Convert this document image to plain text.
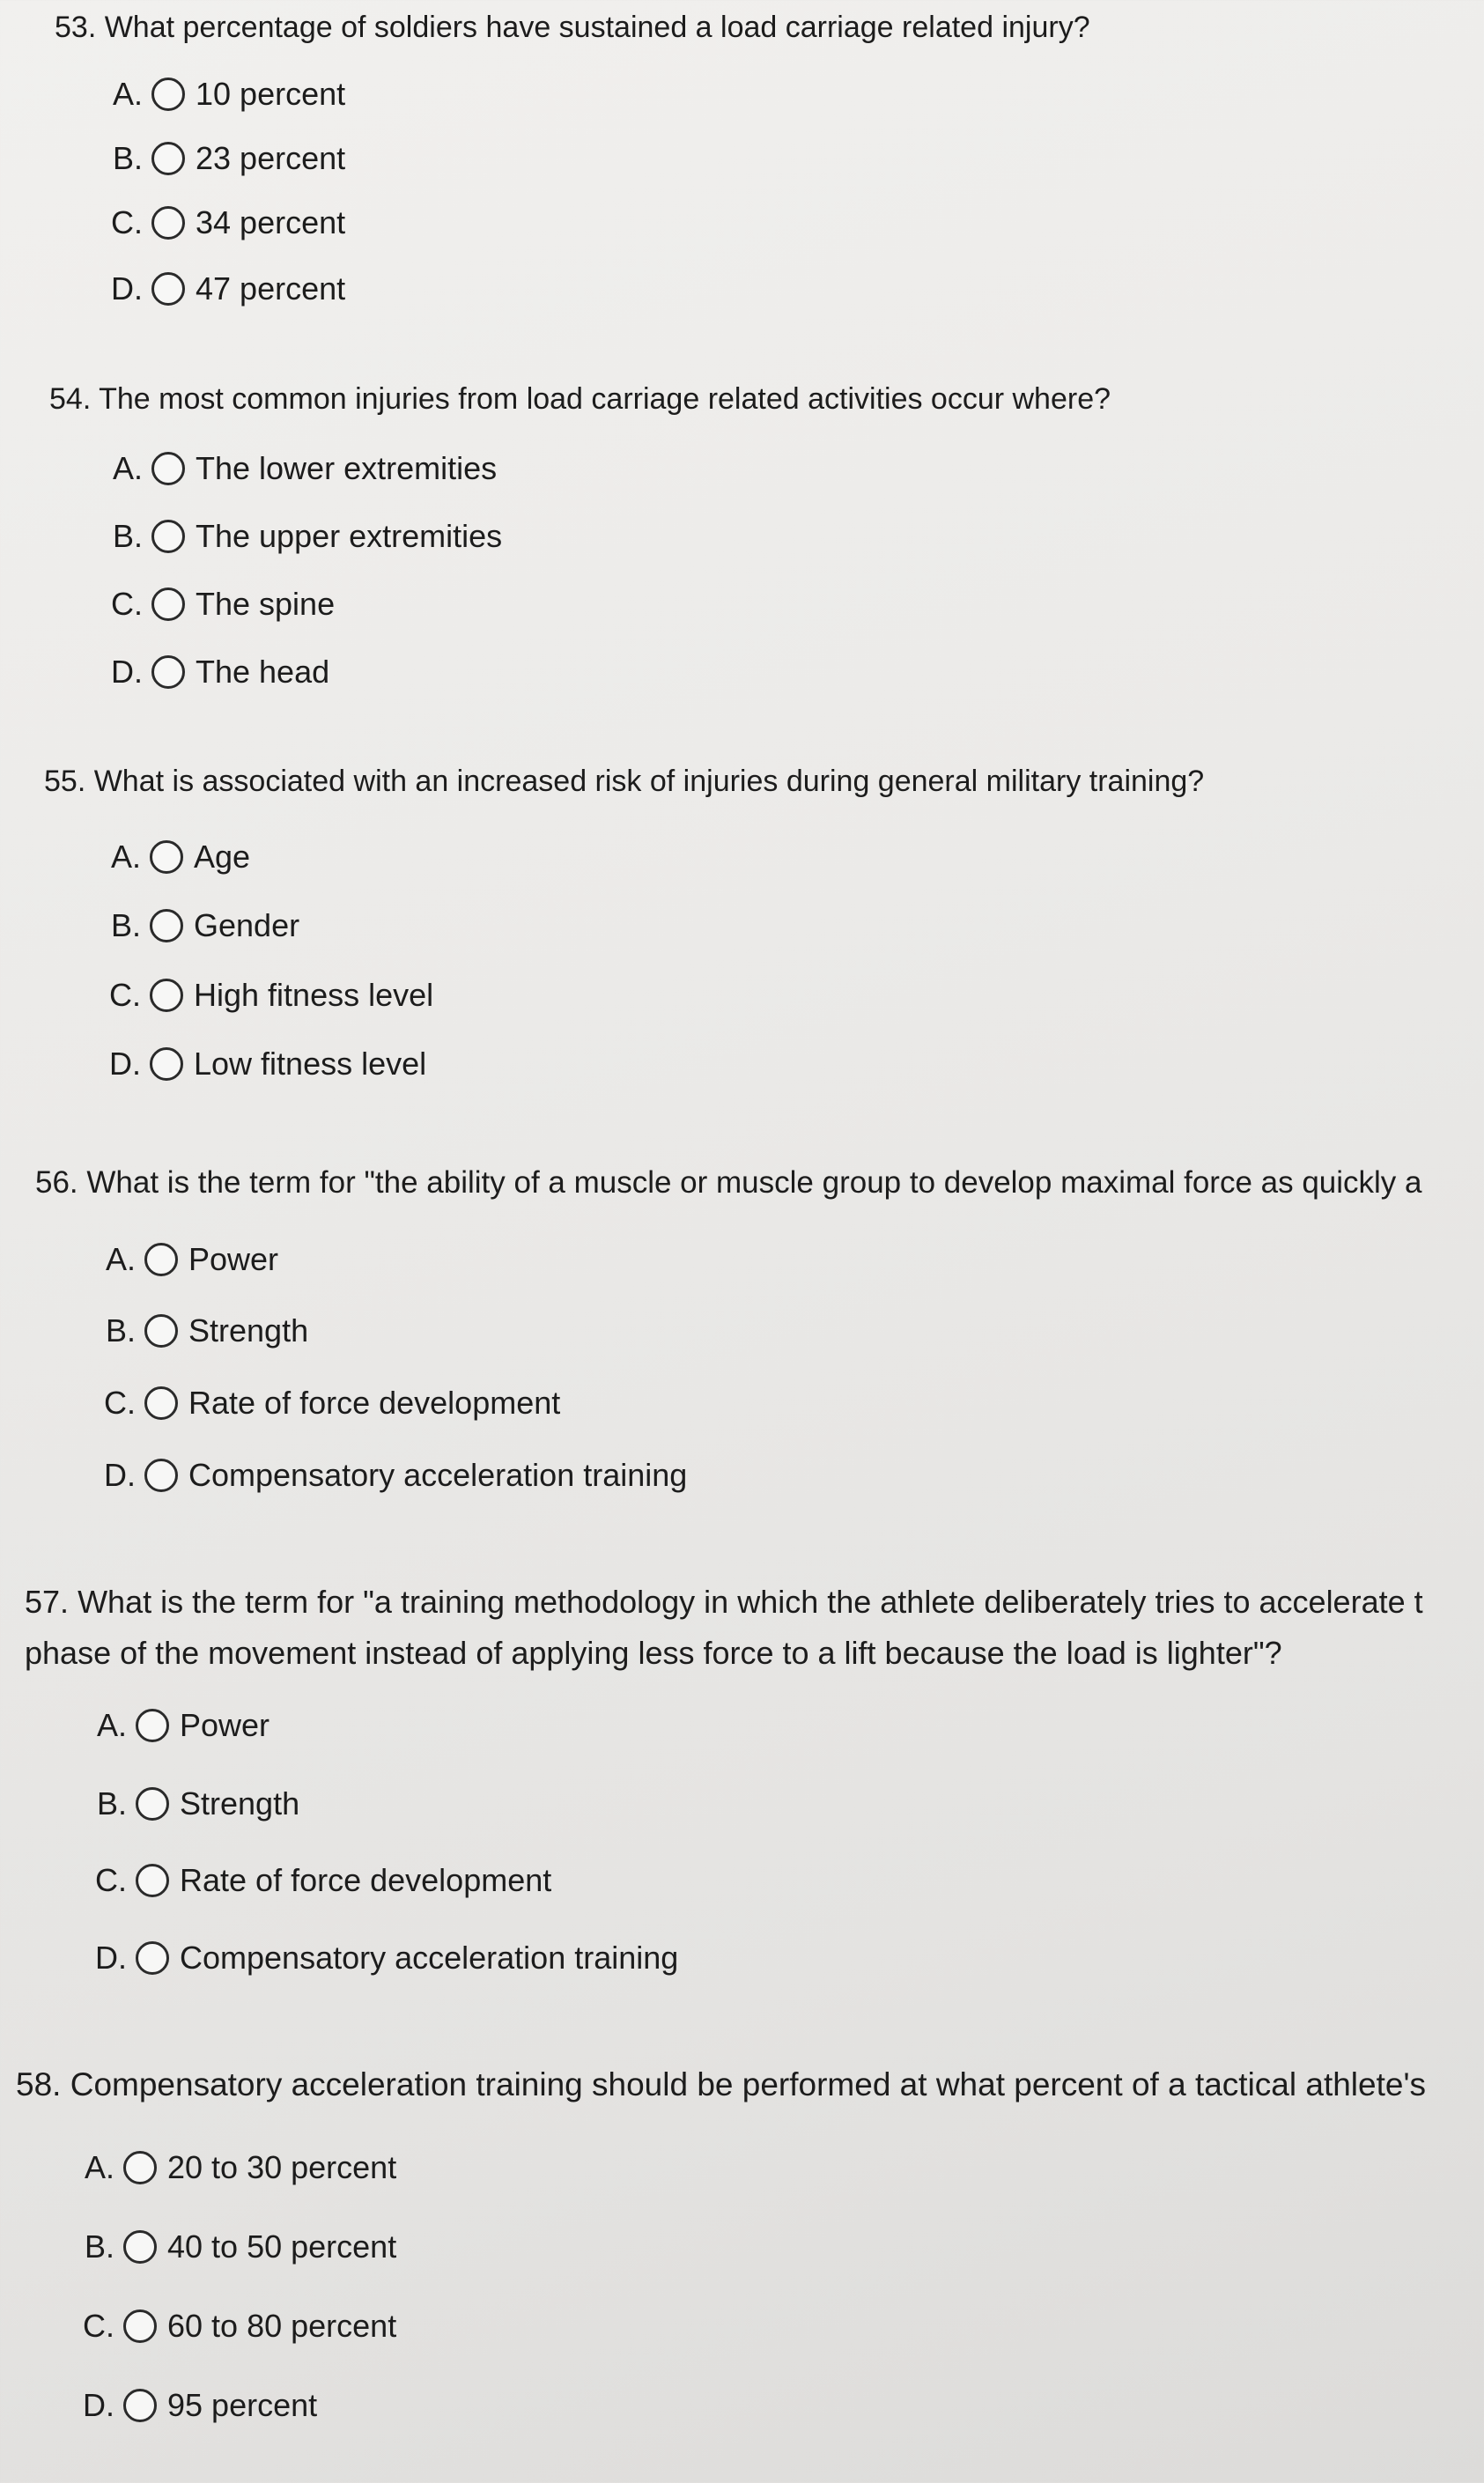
53. What percentage of soldiers have sustained a load carriage related injury?
A. 10 percent
B. 23 percent
C. 34 percent
D. 47 percent
54. The most common injuries from load carriage related activities occur where?
A. The lower extremities
B. The upper extremities
C. The spine
D. The head
55. What is associated with an increased risk of injuries during general military training?
A. Age
B. Gender
C. High fitness level
D. Low fitness level
56. What is the term for "the ability of a muscle or muscle group to develop maximal force as quickly a
A. Power
B. Strength
C. Rate of force development
D. Compensatory acceleration training
57. What is the term for "a training methodology in which the athlete deliberately tries to accelerate t phase of the movement instead of applying less force to a lift because the load is lighter"?
A. Power
B. Strength
C. Rate of force development
D. Compensatory acceleration training
58. Compensatory acceleration training should be performed at what percent of a tactical athlete's
A. 20 to 30 percent
B. 40 to 50 percent
C. 60 to 80 percent
D. 95 percent
